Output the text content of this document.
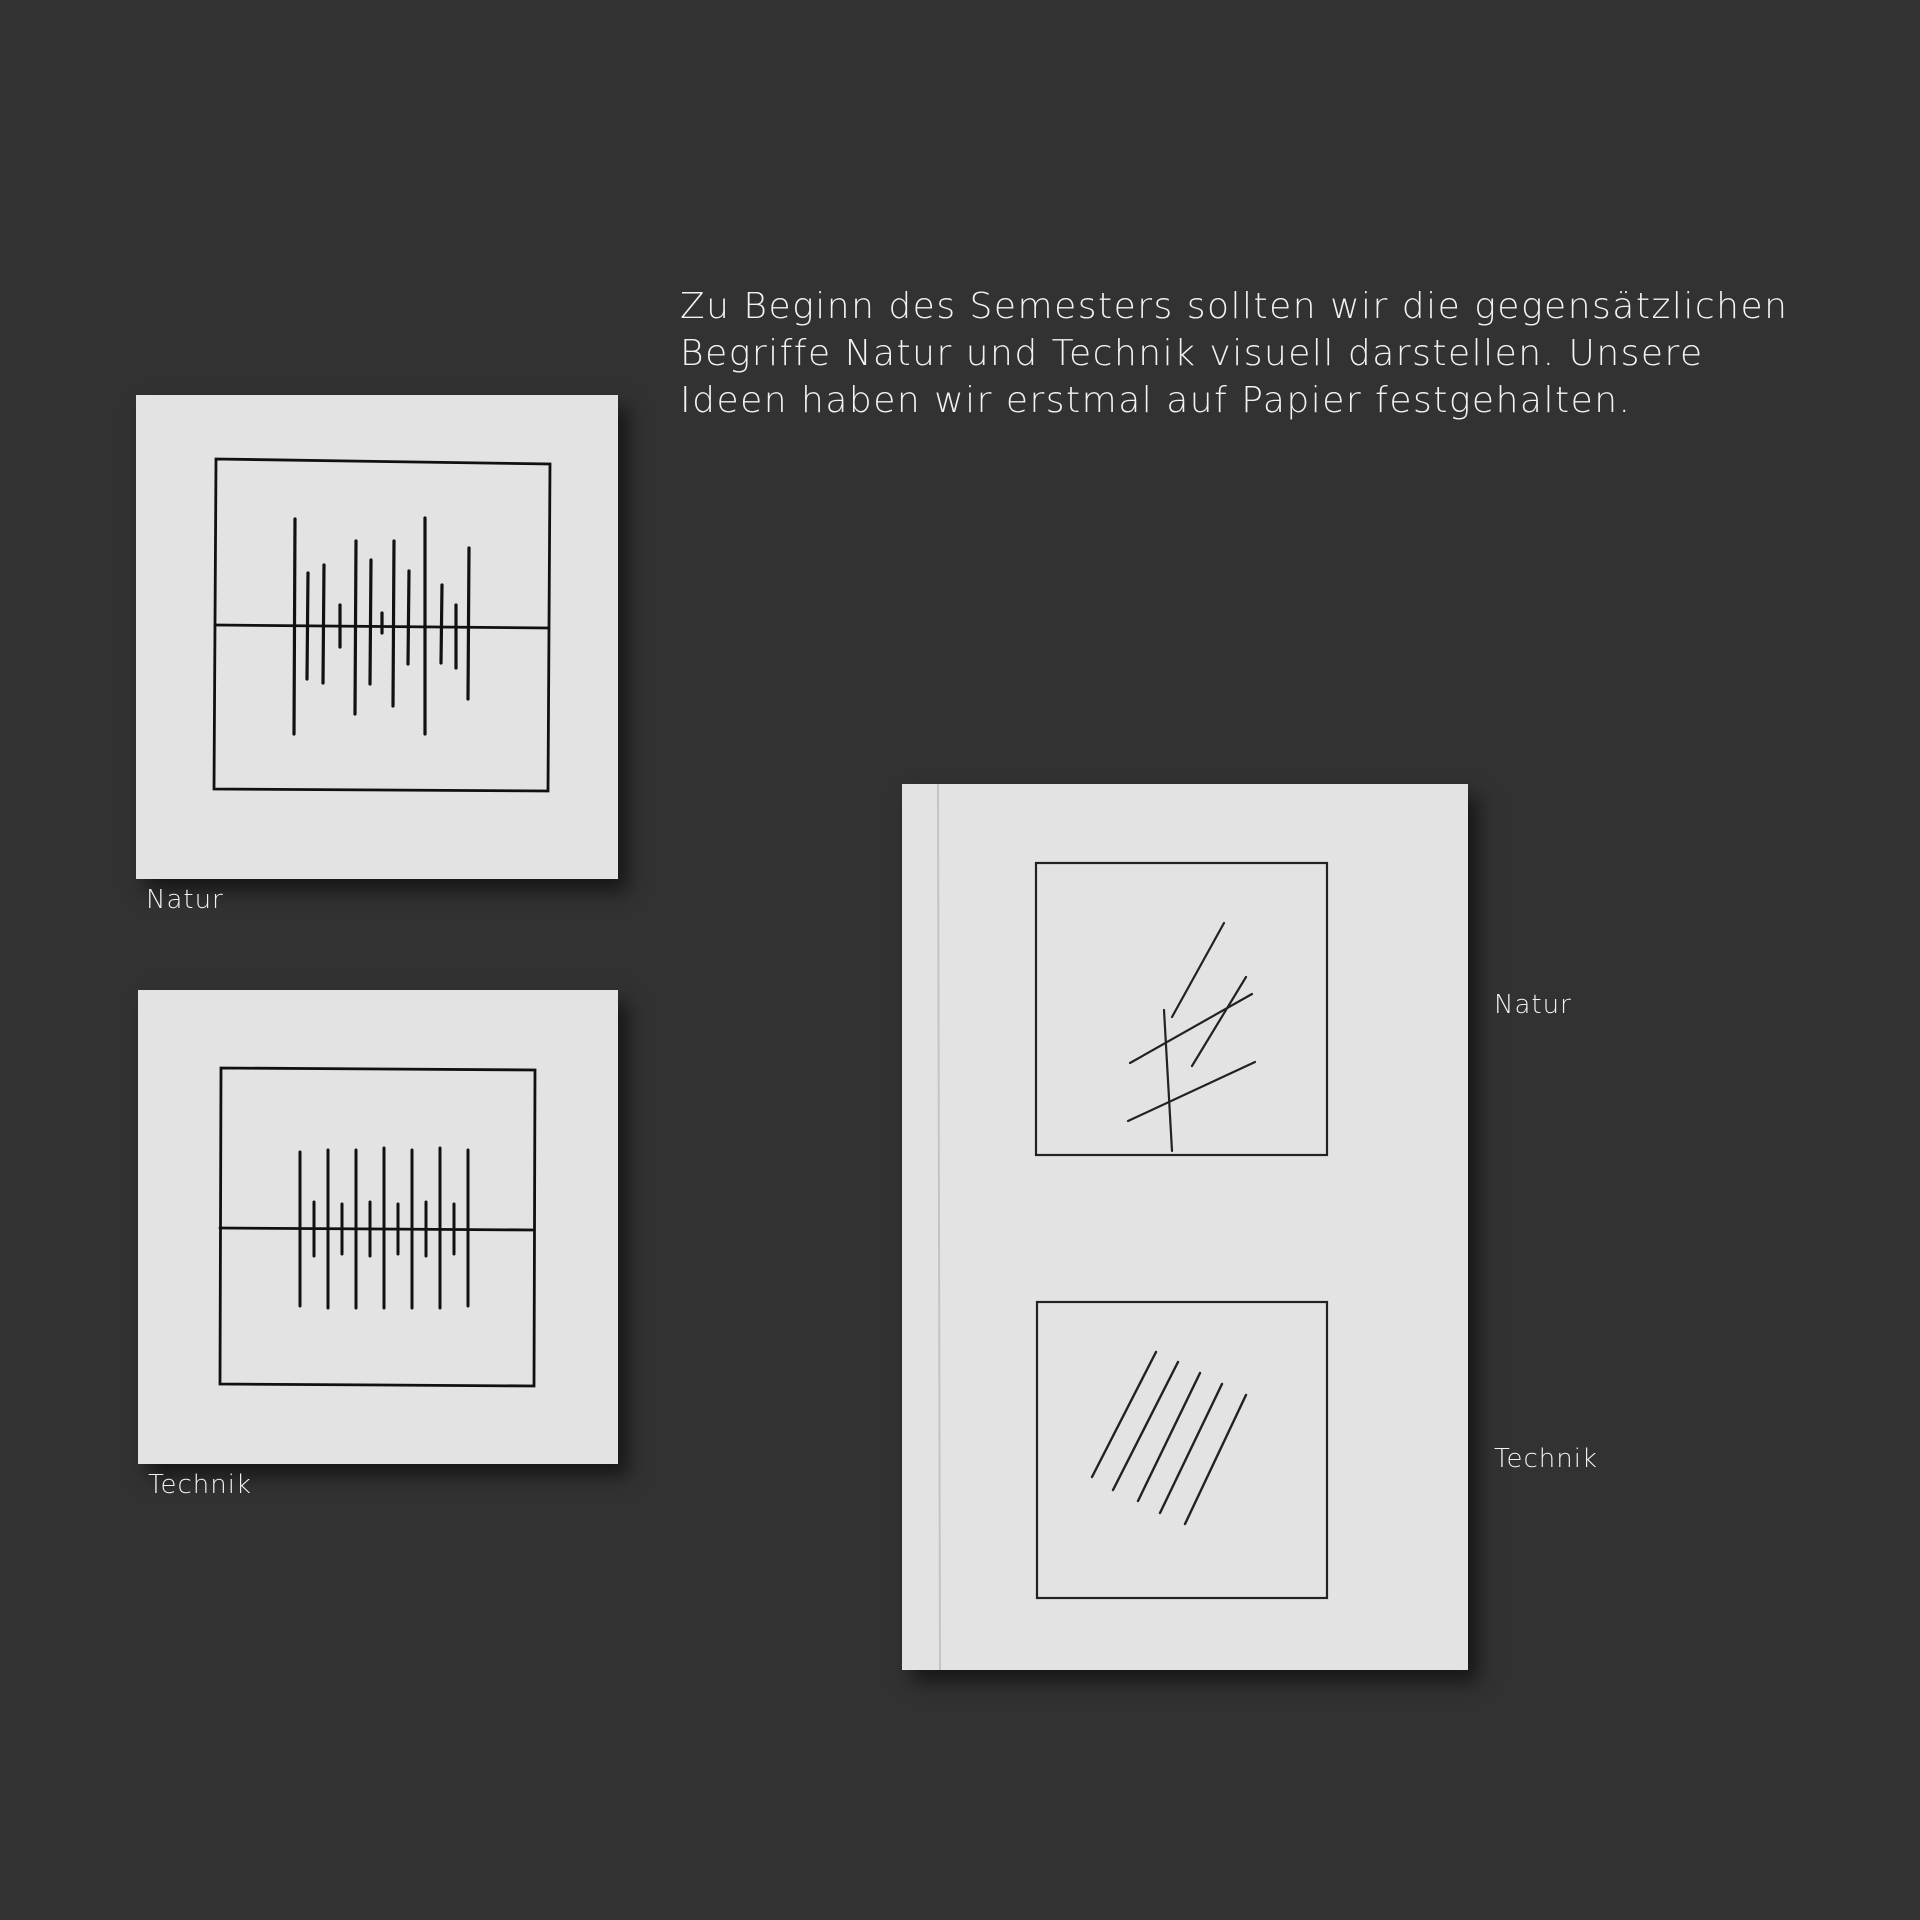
Zu Beginn des Semesters sollten wir die gegensätzlichen
Begriffe Natur und Technik visuell darstellen. Unsere
Ideen haben wir erstmal auf Papier festgehalten.
Natur
Technik
Natur
Technik
